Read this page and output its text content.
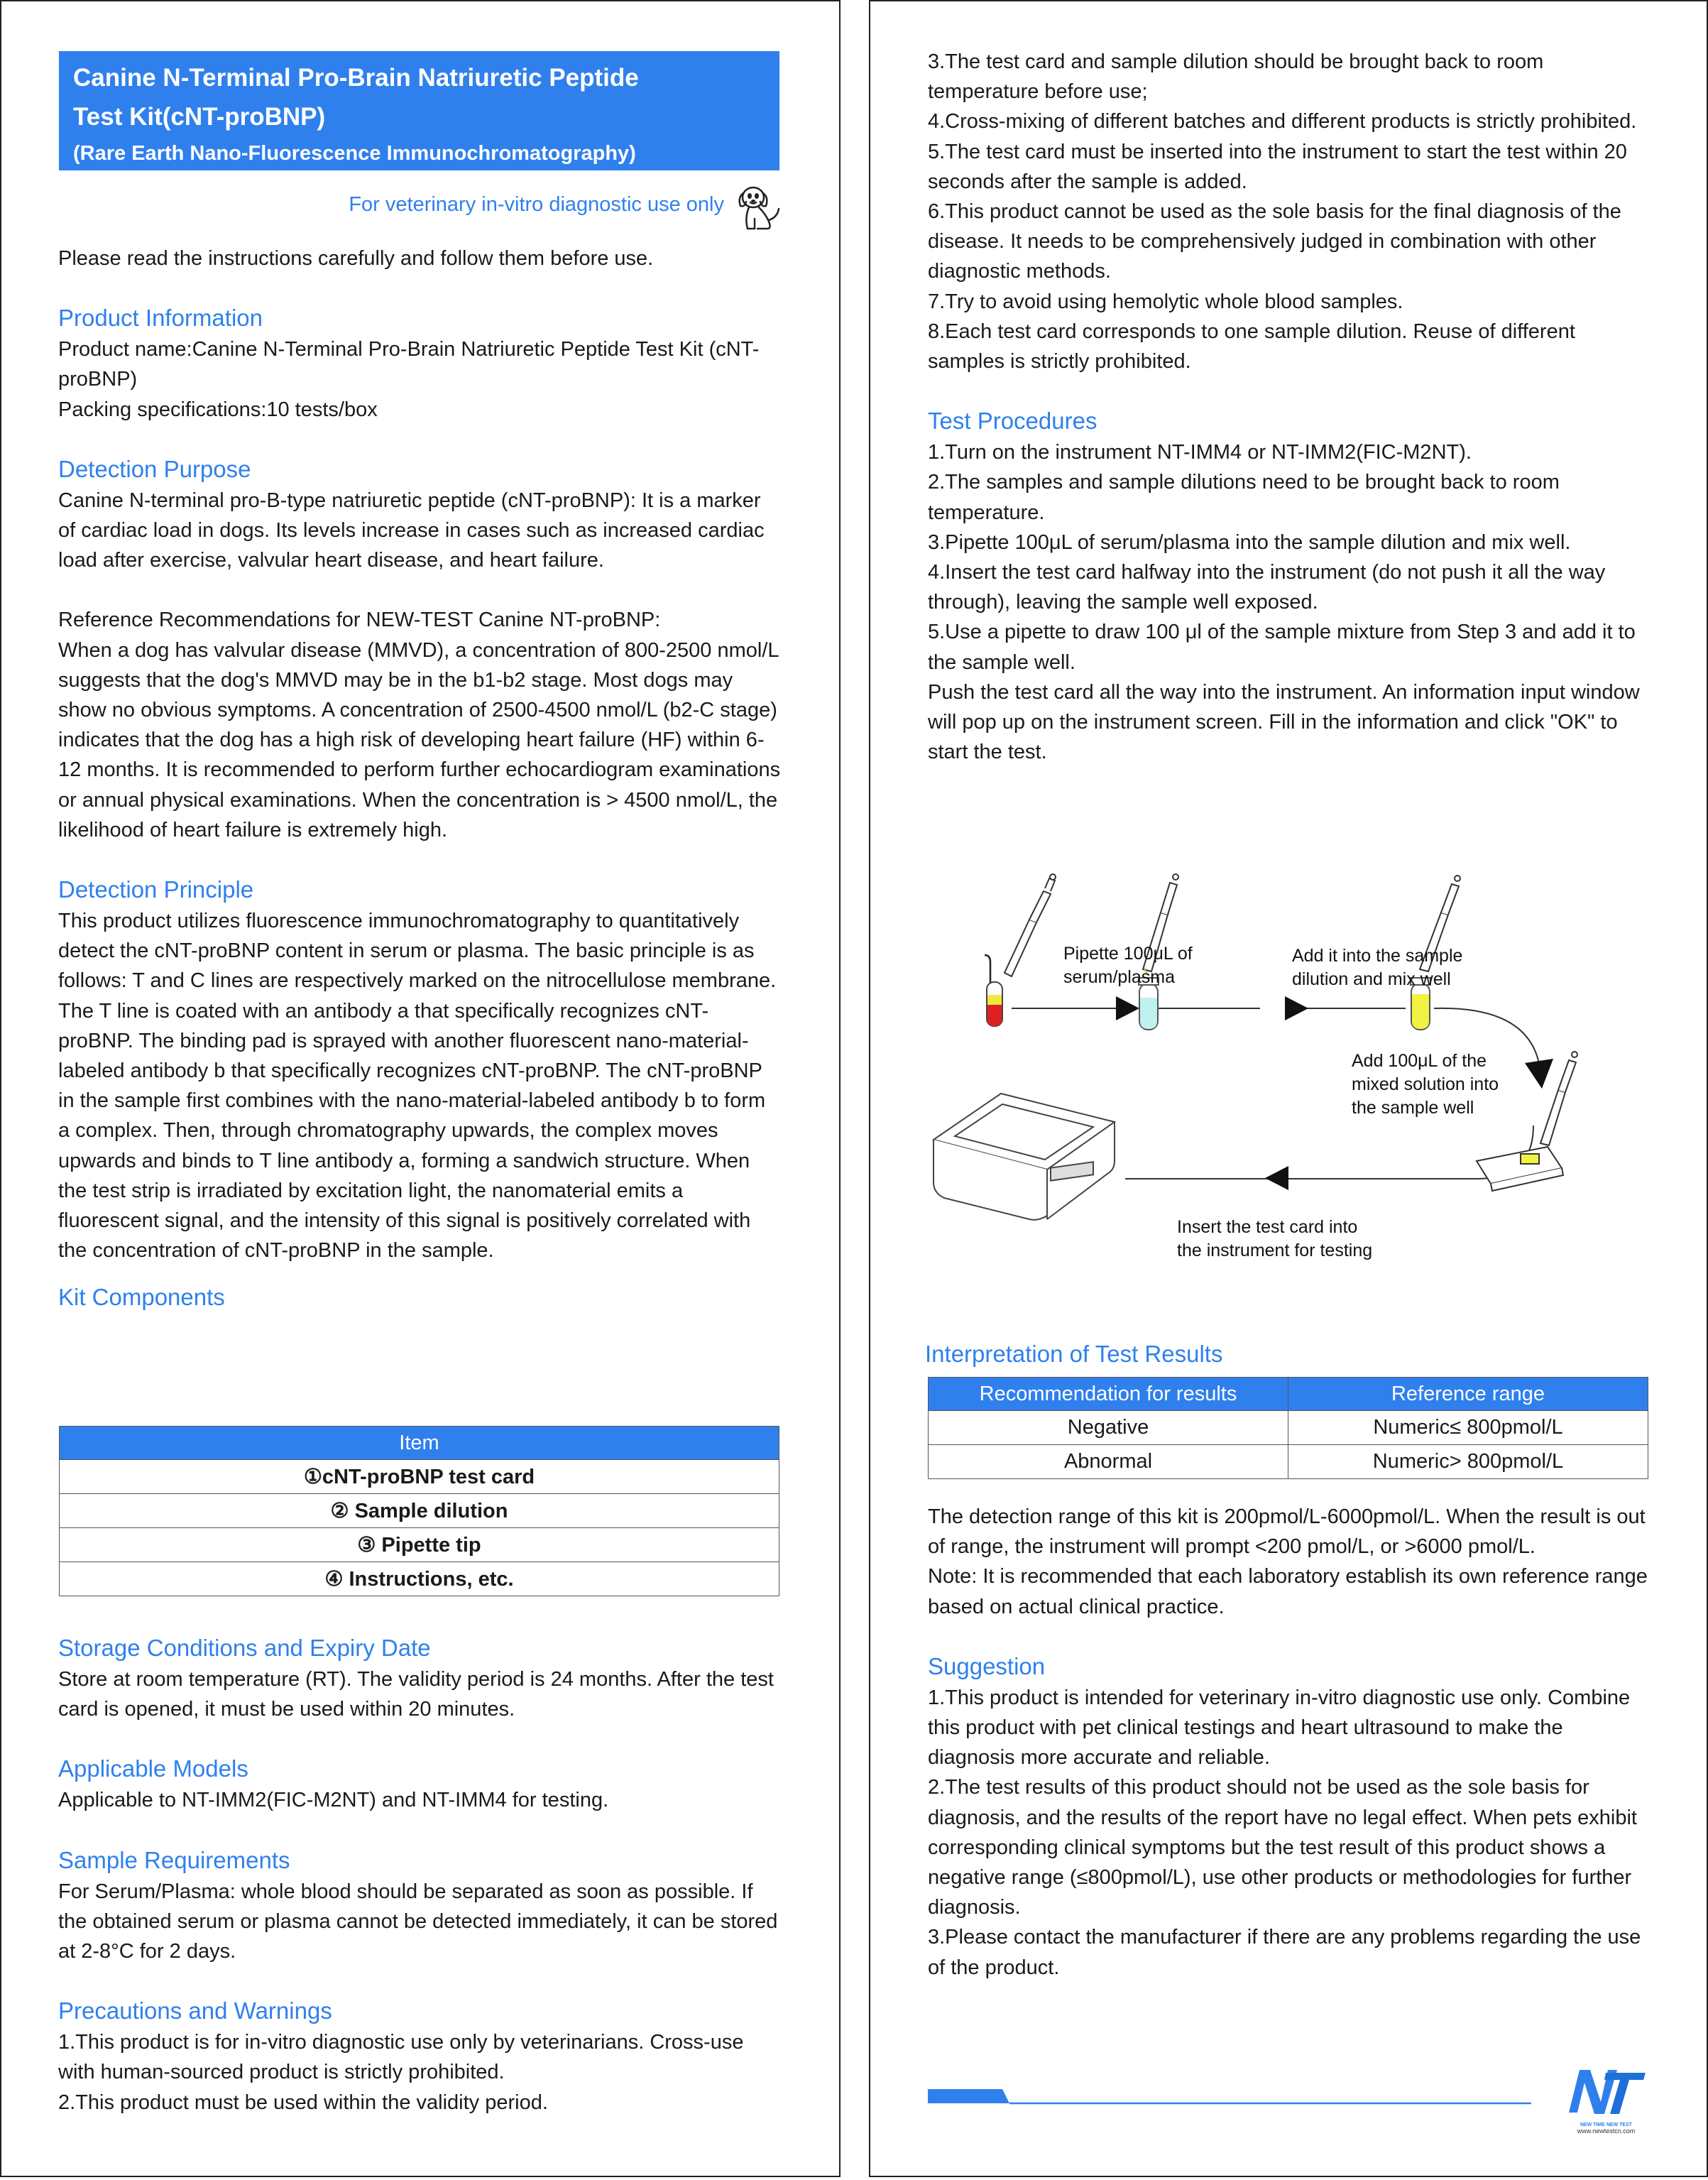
Canine N-Terminal Pro-Brain Natriuretic Peptide
Test Kit(cNT-proBNP)
(Rare Earth Nano-Fluorescence Immunochromatography)
For veterinary in-vitro diagnostic use only

Please read the instructions carefully and follow them before use.

Product Information

Product name:Canine N-Terminal Pro-Brain Natriuretic Peptide Test Kit (cNT-proBNP)

Packing specifications:10 tests/box

Detection Purpose

Canine N-terminal pro-B-type natriuretic peptide (cNT-proBNP): It is a marker of cardiac load in dogs. Its levels increase in cases such as increased cardiac load after exercise, valvular heart disease, and heart failure.

Reference Recommendations for NEW-TEST Canine NT-proBNP:

When a dog has valvular disease (MMVD), a concentration of 800-2500 nmol/L suggests that the dog's MMVD may be in the b1-b2 stage. Most dogs may show no obvious symptoms. A concentration of 2500-4500 nmol/L (b2-C stage) indicates that the dog has a high risk of developing heart failure (HF) within 6-12 months. It is recommended to perform further echocardiogram examinations or annual physical examinations. When the concentration is > 4500 nmol/L, the likelihood of heart failure is extremely high.

Detection Principle

This product utilizes fluorescence immunochromatography to quantitatively detect the cNT-proBNP content in serum or plasma. The basic principle is as follows: T and C lines are respectively marked on the nitrocellulose membrane. The T line is coated with an antibody a that specifically recognizes cNT-proBNP. The binding pad is sprayed with another fluorescent nano-material-labeled antibody b that specifically recognizes cNT-proBNP. The cNT-proBNP in the sample first combines with the nano-material-labeled antibody b to form a complex. Then, through chromatography upwards, the complex moves upwards and binds to T line antibody a, forming a sandwich structure. When the test strip is irradiated by excitation light, the nanomaterial emits a fluorescent signal, and the intensity of this signal is positively correlated with the concentration of cNT-proBNP in the sample.

Kit Components
Item
①cNT-proBNP test card
② Sample dilution
③ Pipette tip
④ Instructions, etc.
Storage Conditions and Expiry Date

Store at room temperature (RT). The validity period is 24 months. After the test card is opened, it must be used within 20 minutes.

Applicable Models

Applicable to NT-IMM2(FIC-M2NT) and NT-IMM4 for testing.

Sample Requirements

For Serum/Plasma: whole blood should be separated as soon as possible. If the obtained serum or plasma cannot be detected immediately, it can be stored at 2-8°C for 2 days.

Precautions and Warnings

1.This product is for in-vitro diagnostic use only by veterinarians. Cross-use with human-sourced product is strictly prohibited.

2.This product must be used within the validity period.

3.The test card and sample dilution should be brought back to room temperature before use;

4.Cross-mixing of different batches and different products is strictly prohibited.

5.The test card must be inserted into the instrument to start the test within 20 seconds after the sample is added.

6.This product cannot be used as the sole basis for the final diagnosis of the disease. It needs to be comprehensively judged in combination with other diagnostic methods.

7.Try to avoid using hemolytic whole blood samples.

8.Each test card corresponds to one sample dilution. Reuse of different samples is strictly prohibited.

Test Procedures

1.Turn on the instrument NT-IMM4 or NT-IMM2(FIC-M2NT).

2.The samples and sample dilutions need to be brought back to room temperature.

3.Pipette 100μL of serum/plasma into the sample dilution and mix well.

4.Insert the test card halfway into the instrument (do not push it all the way through), leaving the sample well exposed.

5.Use a pipette to draw 100 μl of the sample mixture from Step 3 and add it to the sample well.

Push the test card all the way into the instrument. An information input window will pop up on the instrument screen. Fill in the information and click "OK" to start the test.

Pipette 100μL of
serum/plasma
Add it into the sample
dilution and mix well
Add 100μL of the
mixed solution into
the sample well
Insert the test card into
the instrument for testing
Interpretation of Test Results
Recommendation for results	Reference range
Negative	Numeric≤ 800pmol/L
Abnormal	Numeric> 800pmol/L

The detection range of this kit is 200pmol/L-6000pmol/L. When the result is out of range, the instrument will prompt <200 pmol/L, or >6000 pmol/L.

Note: It is recommended that each laboratory establish its own reference range based on actual clinical practice.

Suggestion

1.This product is intended for veterinary in-vitro diagnostic use only. Combine this product with pet clinical testings and heart ultrasound to make the diagnosis more accurate and reliable.

2.The test results of this product should not be used as the sole basis for diagnosis, and the results of the report have no legal effect. When pets exhibit corresponding clinical symptoms but the test result of this product shows a negative range (≤800pmol/L), use other products or methodologies for further diagnosis.

3.Please contact the manufacturer if there are any problems regarding the use of the product.

NEW TIME NEW TEST
www.newtestcn.com
